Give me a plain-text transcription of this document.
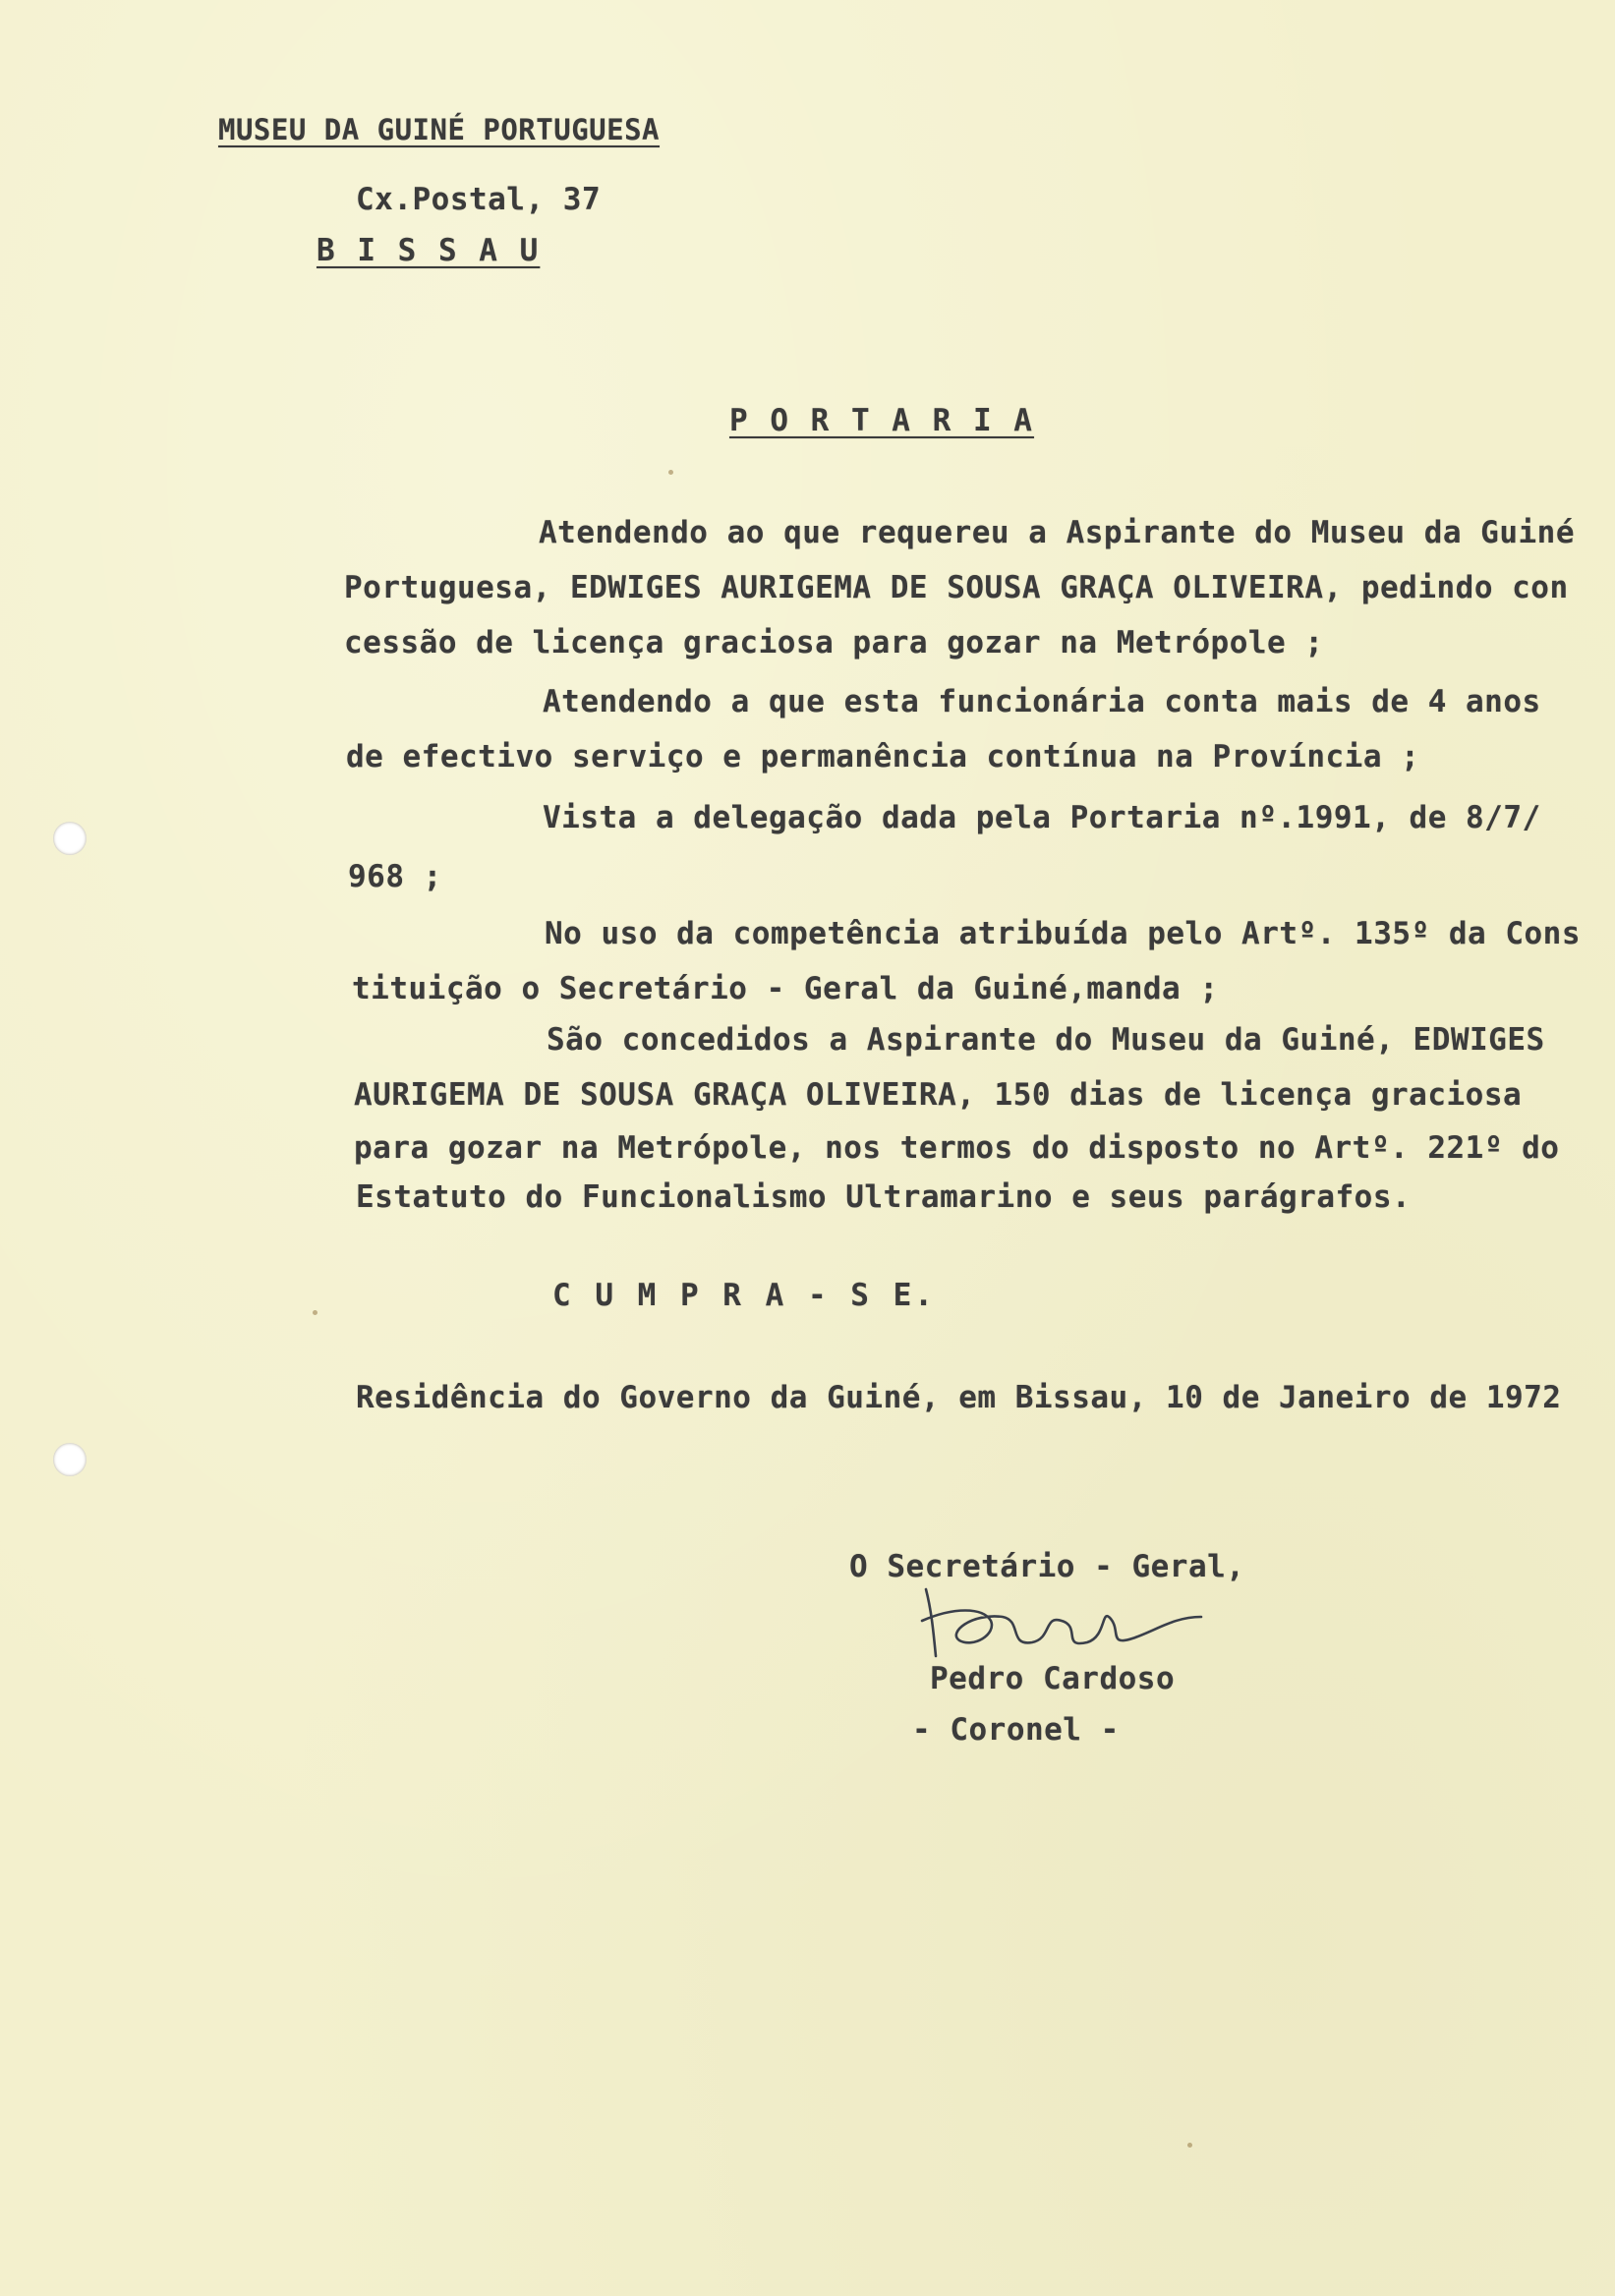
MUSEU DA GUINÉ PORTUGUESA
Cx.Postal, 37
B I S S A U
P O R T A R I A
Atendendo ao que requereu a Aspirante do Museu da Guiné
Portuguesa, EDWIGES AURIGEMA DE SOUSA GRAÇA OLIVEIRA, pedindo con
cessão de licença graciosa para gozar na Metrópole ;
Atendendo a que esta funcionária conta mais de 4 anos
de efectivo serviço e permanência contínua na Província ;
Vista a delegação dada pela Portaria nº.1991, de 8/7/
968 ;
No uso da competência atribuída pelo Artº. 135º da Cons
tituição o Secretário - Geral da Guiné,manda ;
São concedidos a Aspirante do Museu da Guiné, EDWIGES
AURIGEMA DE SOUSA GRAÇA OLIVEIRA, 150 dias de licença graciosa
para gozar na Metrópole, nos termos do disposto no Artº. 221º do
Estatuto do Funcionalismo Ultramarino e seus parágrafos.
C U M P R A - S E.
Residência do Governo da Guiné, em Bissau, 10 de Janeiro de 1972
O Secretário - Geral,
Pedro Cardoso
- Coronel -
